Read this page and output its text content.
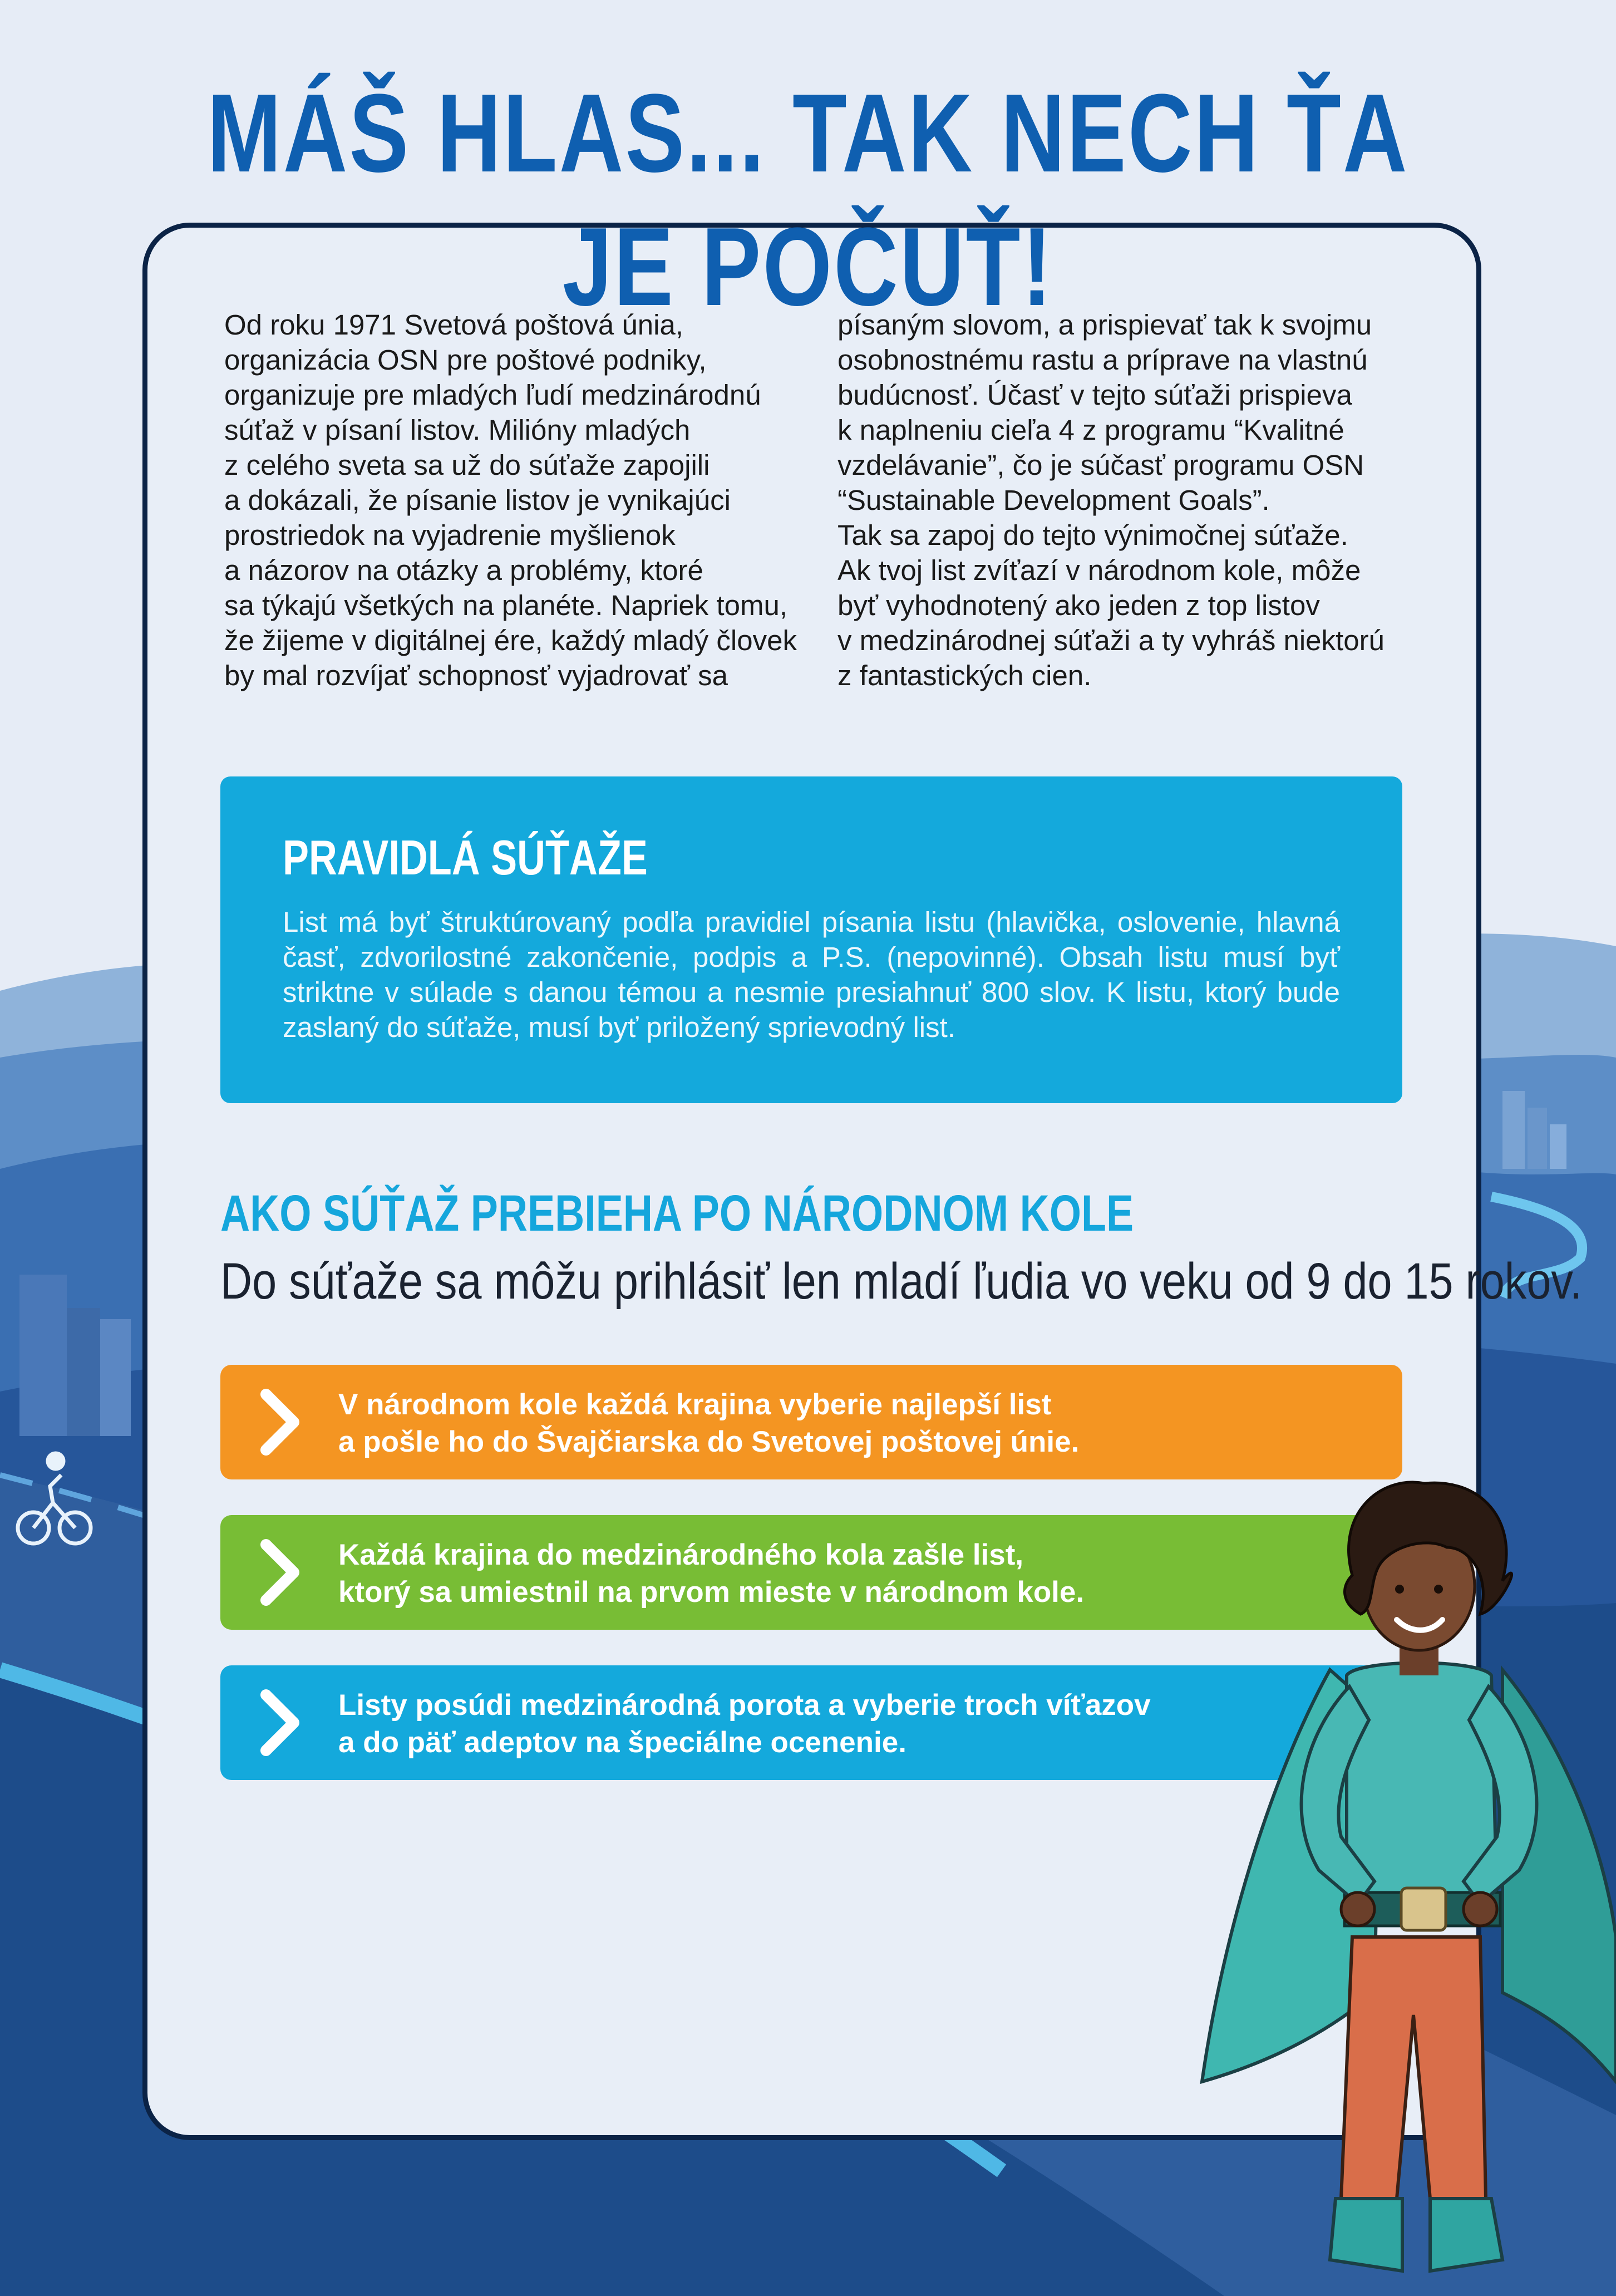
MÁŠ HLAS... TAK NECH ŤA JE POČUŤ!

Od roku 1971 Svetová poštová únia,

organizácia OSN pre poštové podniky,

organizuje pre mladých ľudí medzinárodnú

súťaž v písaní listov. Milióny mladých

z celého sveta sa už do súťaže zapojili

a dokázali, že písanie listov je vynikajúci

prostriedok na vyjadrenie myšlienok

a názorov na otázky a problémy, ktoré

sa týkajú všetkých na planéte. Napriek tomu,

že žijeme v digitálnej ére, každý mladý človek

by mal rozvíjať schopnosť vyjadrovať sa

písaným slovom, a prispievať tak k svojmu

osobnostnému rastu a príprave na vlastnú

budúcnosť. Účasť v tejto súťaži prispieva

k naplneniu cieľa 4 z programu “Kvalitné

vzdelávanie”, čo je súčasť programu OSN

“Sustainable Development Goals”.

Tak sa zapoj do tejto výnimočnej súťaže.

Ak tvoj list zvíťazí v národnom kole, môže

byť vyhodnotený ako jeden z top listov

v medzinárodnej súťaži a ty vyhráš niektorú

z fantastických cien.

PRAVIDLÁ SÚŤAŽE

List má byť štruktúrovaný podľa pravidiel písania listu (hlavička, oslovenie, hlavná časť, zdvorilostné zakončenie, podpis a P.S. (nepovinné). Obsah listu musí byť striktne v súlade s danou témou a nesmie presiahnuť 800 slov. K listu, ktorý bude zaslaný do súťaže, musí byť priložený sprievodný list.

AKO SÚŤAŽ PREBIEHA PO NÁRODNOM KOLE

Do súťaže sa môžu prihlásiť len mladí ľudia vo veku od 9 do 15 rokov.

V národnom kole každá krajina vyberie najlepší list
a pošle ho do Švajčiarska do Svetovej poštovej únie.
Každá krajina do medzinárodného kola zašle list,
ktorý sa umiestnil na prvom mieste v národnom kole.
Listy posúdi medzinárodná porota a vyberie troch víťazov
a do päť adeptov na špeciálne ocenenie.
